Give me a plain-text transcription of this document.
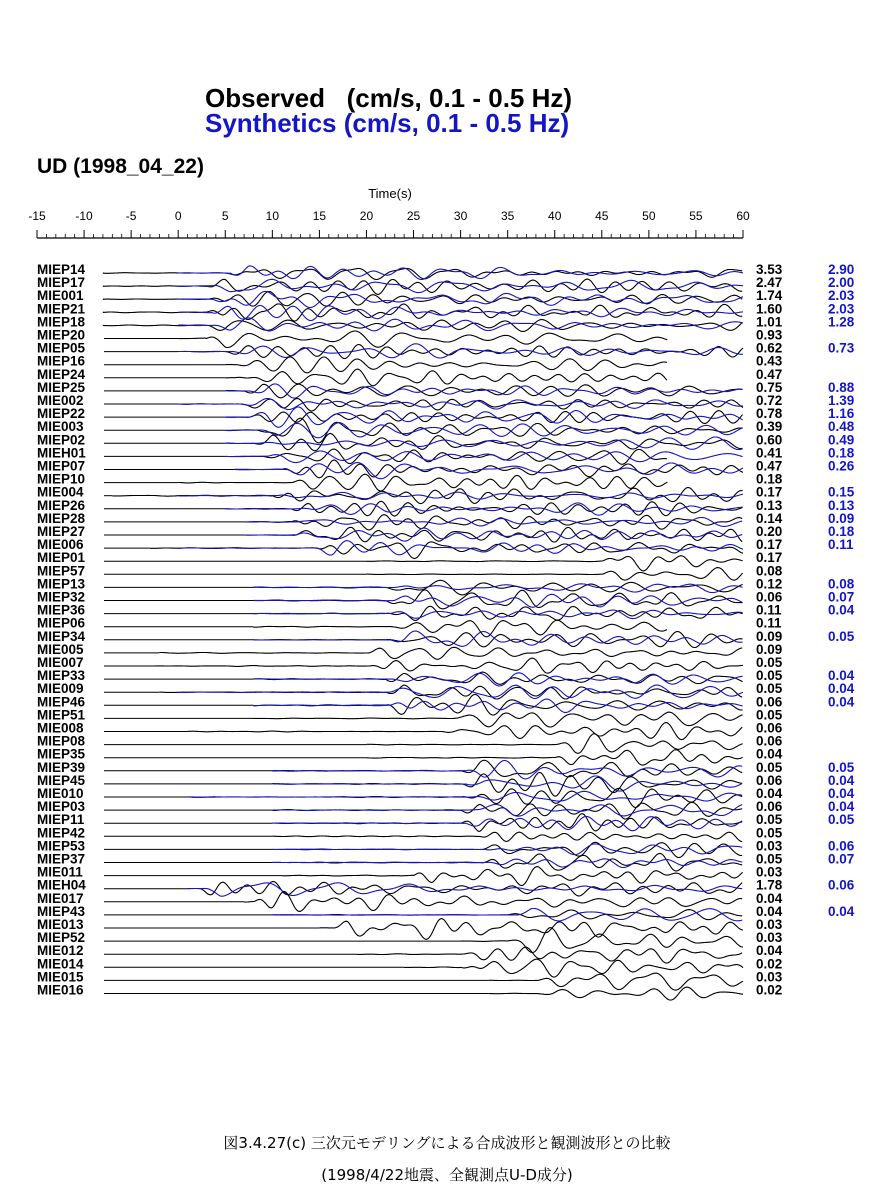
Observed   (cm/s, 0.1 - 0.5 Hz)
Synthetics (cm/s, 0.1 - 0.5 Hz)
UD (1998_04_22)
Time(s)
-15 -10	-5	0	5	10	15	20	25	30	35	40	45	50	55	60
MIEP14	3.53	2.90
MIEP17	2.47	2.00
MIE001	1.74	2.03
MIEP21	1.60	2.03
MIEP18	1.01	1.28
MIEP20	0.93
MIEP05	0.62	0.73
MIEP16	0.43
MIEP24	0.47
MIEP25	0.75	0.88
MIE002	0.72	1.39
MIEP22	0.78	1.16
MIE003	0.39	0.48
MIEP02	0.60	0.49
MIEH01	0.41	0.18
MIEP07	0.47	0.26
MIEP10	0.18
MIE004	0.17	0.15
MIEP26	0.13	0.13
MIEP28	0.14	0.09
MIEP27	0.20	0.18
MIE006	0.17	0.11
MIEP01	0.17
MIEP57	0.08
MIEP13	0.12	0.08
MIEP32	0.06	0.07
MIEP36	0.11	0.04
MIEP06	0.11
MIEP34	0.09	0.05
MIE005	0.09
MIE007	0.05
MIEP33	0.05	0.04
MIE009	0.05	0.04
MIEP46	0.06	0.04
MIEP51	0.05
MIE008	0.06
MIEP08	0.06
MIEP35	0.04
MIEP39	0.05	0.05
MIEP45	0.06	0.04
MIE010	0.04	0.04
MIEP03	0.06	0.04
MIEP11	0.05	0.05
MIEP42	0.05
MIEP53	0.03	0.06
MIEP37	0.05	0.07
MIE011	0.03
MIEH04	1.78	0.06
MIE017	0.04
MIEP43	0.04	0.04
MIE013	0.03
MIEP52	0.03
MIE012	0.04
MIE014	0.02
MIE015	0.03
MIE016	0.02
図3.4.27(c) 三次元モデリングによる合成波形と観測波形との比較
(1998/4/22地震、全観測点U-D成分)
